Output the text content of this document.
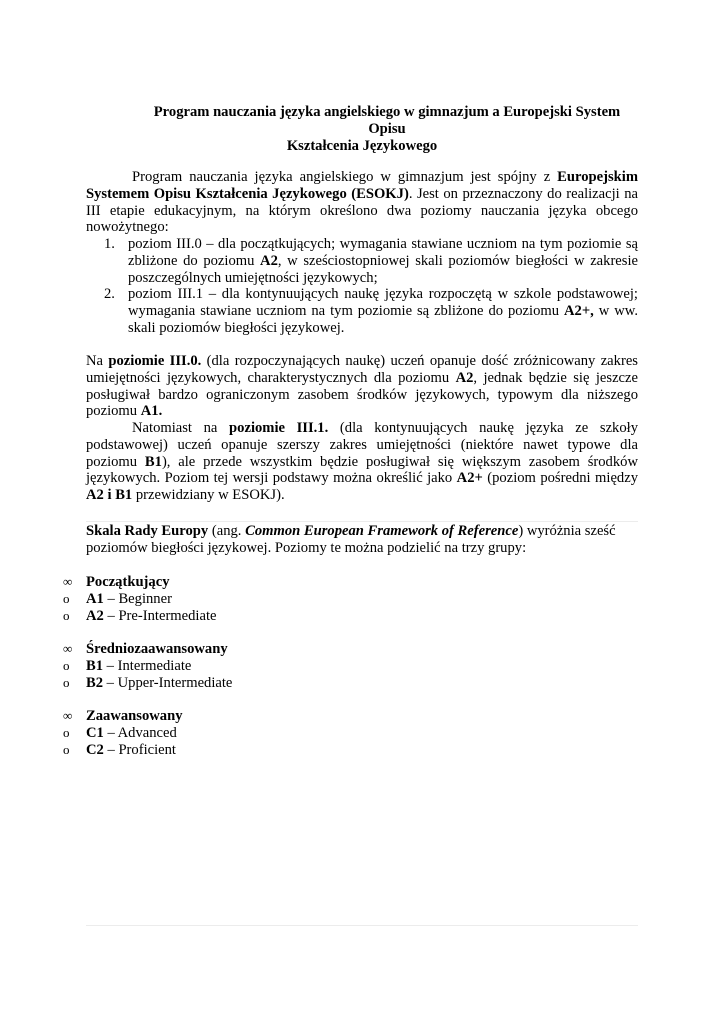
Program nauczania języka angielskiego w gimnazjum a Europejski System Opisu
Kształcenia Językowego
Program nauczania języka angielskiego w gimnazjum jest spójny z Europejskim Systemem Opisu Kształcenia Językowego (ESOKJ). Jest on przeznaczony do realizacji na III etapie edukacyjnym, na którym określono dwa poziomy nauczania języka obcego nowożytnego:
1. poziom III.0 – dla początkujących; wymagania stawiane uczniom na tym poziomie są zbliżone do poziomu A2, w sześciostopniowej skali poziomów biegłości w zakresie poszczególnych umiejętności językowych;
2. poziom III.1 – dla kontynuujących naukę języka rozpoczętą w szkole podstawowej; wymagania stawiane uczniom na tym poziomie są zbliżone do poziomu A2+, w ww. skali poziomów biegłości językowej.
Na poziomie III.0. (dla rozpoczynających naukę) uczeń opanuje dość zróżnicowany zakres umiejętności językowych, charakterystycznych dla poziomu A2, jednak będzie się jeszcze posługiwał bardzo ograniczonym zasobem środków językowych, typowym dla niższego poziomu A1.
Natomiast na poziomie III.1. (dla kontynuujących naukę języka ze szkoły podstawowej) uczeń opanuje szerszy zakres umiejętności (niektóre nawet typowe dla poziomu B1), ale przede wszystkim będzie posługiwał się większym zasobem środków językowych. Poziom tej wersji podstawy można określić jako A2+ (poziom pośredni między A2 i B1 przewidziany w ESOKJ).
Skala Rady Europy (ang. Common European Framework of Reference) wyróżnia sześć
poziomów biegłości językowej. Poziomy te można podzielić na trzy grupy:
∞ Początkujący
o	A1 – Beginner
o	A2 – Pre-Intermediate
∞ Średniozaawansowany
o	B1 – Intermediate
o	B2 – Upper-Intermediate
∞ Zaawansowany
o	C1 – Advanced
o	C2 – Proficient
